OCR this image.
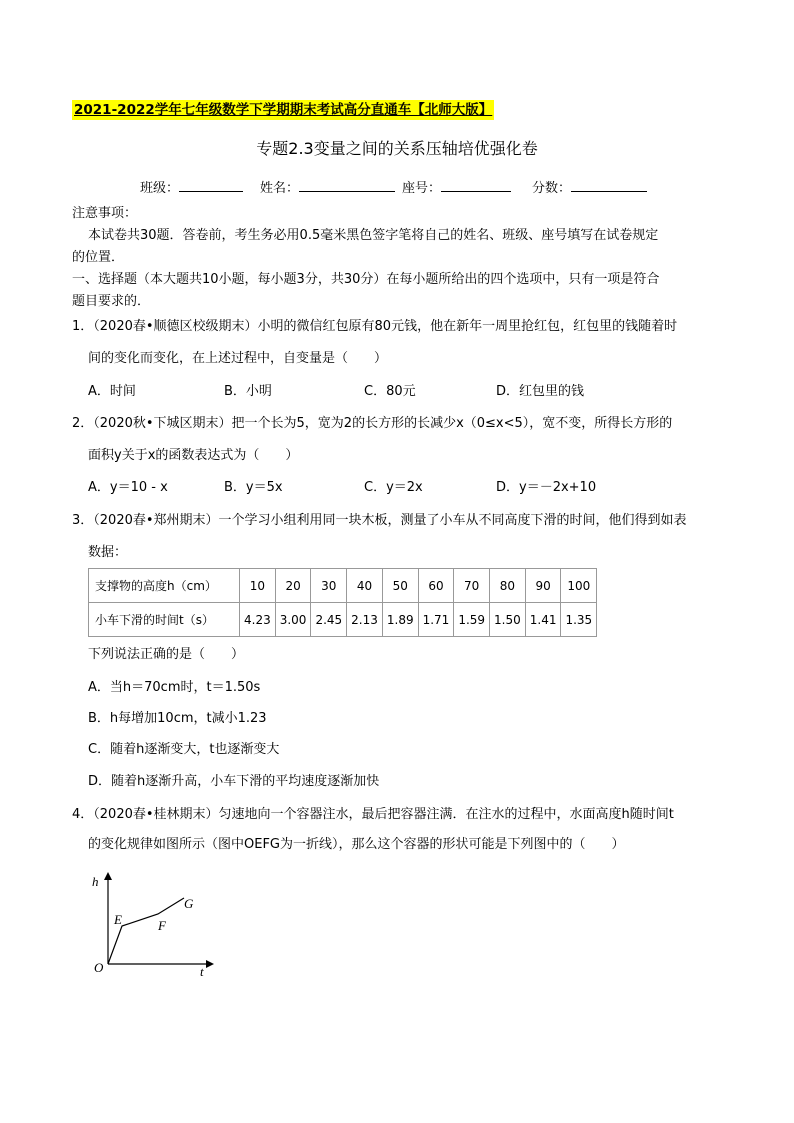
2021-2022学年七年级数学下学期期末考试高分直通车【北师大版】
专题2.3变量之间的关系压轴培优强化卷
班级：	姓名：	座号：	分数：
注意事项：
本试卷共30题．答卷前，考生务必用0.5毫米黑色签字笔将自己的姓名、班级、座号填写在试卷规定
的位置．
一、选择题（本大题共10小题，每小题3分，共30分）在每小题所给出的四个选项中，只有一项是符合
题目要求的．
1．（2020春•顺德区校级期末）小明的微信红包原有80元钱，他在新年一周里抢红包，红包里的钱随着时
间的变化而变化，在上述过程中，自变量是（　　）
A．时间	B．小明	C．80元	D．红包里的钱
2．（2020秋•下城区期末）把一个长为5，宽为2的长方形的长减少x（0≤x<5），宽不变，所得长方形的
面积y关于x的函数表达式为（　　）
A．y＝10 - x	B．y＝5x	C．y＝2x	D．y＝－2x+10
3．（2020春•郑州期末）一个学习小组利用同一块木板，测量了小车从不同高度下滑的时间，他们得到如表
数据：
支撑物的高度h（cm）	10	20	30	40	50	60	70	80	90	100
小车下滑的时间t（s）	4.23	3.00	2.45	2.13	1.89	1.71	1.59	1.50	1.41	1.35
下列说法正确的是（　　）
A．当h＝70cm时，t＝1.50s
B．h每增加10cm，t减小1.23
C．随着h逐渐变大，t也逐渐变大
D．随着h逐渐升高，小车下滑的平均速度逐渐加快
4．（2020春•桂林期末）匀速地向一个容器注水，最后把容器注满．在注水的过程中，水面高度h随时间t
的变化规律如图所示（图中OEFG为一折线），那么这个容器的形状可能是下列图中的（　　）
h
t
O
E	F
G
